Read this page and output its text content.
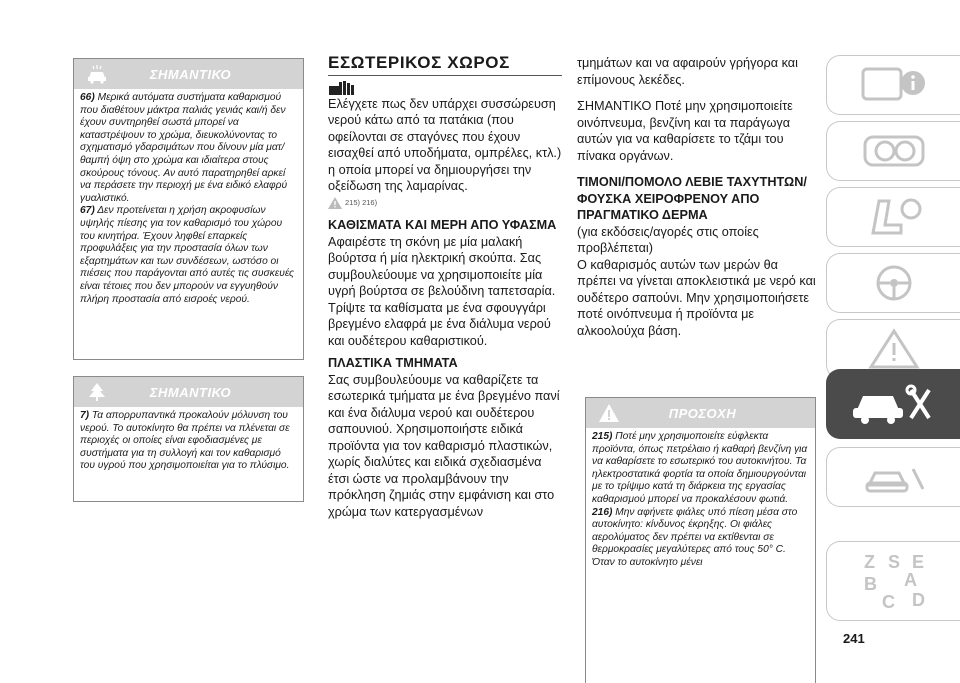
ΣΗΜΑΝΤΙΚΟ

66) Μερικά αυτόματα συστήματα καθαρισμού που διαθέτουν μάκτρα παλιάς γενιάς και/ή δεν έχουν συντηρηθεί σωστά μπορεί να καταστρέψουν το χρώμα, διευκολύνοντας το σχηματισμό γδαρσιμάτων που δίνουν μία ματ/θαμπή όψη στο χρώμα και ιδιαίτερα στους σκούρους τόνους. Αν αυτό παρατηρηθεί αρκεί να περάσετε την περιοχή με ένα ειδικό ελαφρύ γυαλιστικό.

67) Δεν προτείνεται η χρήση ακροφυσίων υψηλής πίεσης για τον καθαρισμό του χώρου του κινητήρα. Έχουν ληφθεί επαρκείς προφυλάξεις για την προστασία όλων των εξαρτημάτων και των συνδέσεων, ωστόσο οι πιέσεις που παράγονται από αυτές τις συσκευές είναι τέτοιες που δεν μπορούν να εγγυηθούν πλήρη προστασία από εισροές νερού.

ΣΗΜΑΝΤΙΚΟ

7) Τα απορρυπαντικά προκαλούν μόλυνση του νερού. Το αυτοκίνητο θα πρέπει να πλένεται σε περιοχές οι οποίες είναι εφοδιασμένες με συστήματα για τη συλλογή και τον καθαρισμό του υγρού που χρησιμοποιείται για το πλύσιμο.

ΕΣΩΤΕΡΙΚΟΣ ΧΩΡΟΣ

Ελέγχετε πως δεν υπάρχει συσσώρευση νερού κάτω από τα πατάκια (που οφείλονται σε σταγόνες που έχουν εισαχθεί από υποδήματα, ομπρέλες, κτλ.) η οποία μπορεί να δημιουργήσει την οξείδωση της λαμαρίνας.

215) 216)

ΚΑΘΙΣΜΑΤΑ ΚΑΙ ΜΕΡΗ ΑΠΟ ΥΦΑΣΜΑ

Αφαιρέστε τη σκόνη με μία μαλακή βούρτσα ή μία ηλεκτρική σκούπα. Σας συμβουλεύουμε να χρησιμοποιείτε μία υγρή βούρτσα σε βελούδινη ταπετσαρία.

Τρίψτε τα καθίσματα με ένα σφουγγάρι βρεγμένο ελαφρά με ένα διάλυμα νερού και ουδέτερου καθαριστικού.

ΠΛΑΣΤΙΚΑ ΤΜΗΜΑΤΑ

Σας συμβουλεύουμε να καθαρίζετε τα εσωτερικά τμήματα με ένα βρεγμένο πανί και ένα διάλυμα νερού και ουδέτερου σαπουνιού. Χρησιμοποιήστε ειδικά προϊόντα για τον καθαρισμό πλαστικών, χωρίς διαλύτες και ειδικά σχεδιασμένα έτσι ώστε να προλαμβάνουν την πρόκληση ζημιάς στην εμφάνιση και στο χρώμα των κατεργασμένων

τμημάτων και να αφαιρούν γρήγορα και επίμονους λεκέδες.

ΣΗΜΑΝΤΙΚΟ Ποτέ μην χρησιμοποιείτε οινόπνευμα, βενζίνη και τα παράγωγα αυτών για να καθαρίσετε το τζάμι του πίνακα οργάνων.

ΤΙΜΟΝΙ/ΠΟΜΟΛΟ ΛΕΒΙΕ ΤΑΧΥΤΗΤΩΝ/ΦΟΥΣΚΑ ΧΕΙΡΟΦΡΕΝΟΥ ΑΠΟ ΠΡΑΓΜΑΤΙΚΟ ΔΕΡΜΑ

(για εκδόσεις/αγορές στις οποίες προβλέπεται)

Ο καθαρισμός αυτών των μερών θα πρέπει να γίνεται αποκλειστικά με νερό και ουδέτερο σαπούνι. Μην χρησιμοποιήσετε ποτέ οινόπνευμα ή προϊόντα με αλκοολούχα βάση.

ΠΡΟΣΟΧΗ

215) Ποτέ μην χρησιμοποιείτε εύφλεκτα προϊόντα, όπως πετρέλαιο ή καθαρή βενζίνη για να καθαρίσετε το εσωτερικό του αυτοκινήτου. Τα ηλεκτροστατικά φορτία τα οποία δημιουργούνται με το τρίψιμο κατά τη διάρκεια της εργασίας καθαρισμού μπορεί να προκαλέσουν φωτιά.

216) Μην αφήνετε φιάλες υπό πίεση μέσα στο αυτοκίνητο: κίνδυνος έκρηξης. Οι φιάλες αερολύματος δεν πρέπει να εκτίθενται σε θερμοκρασίες μεγαλύτερες από τους 50° C. Όταν το αυτοκίνητο μένει	Z S E
A
B
C D
241
